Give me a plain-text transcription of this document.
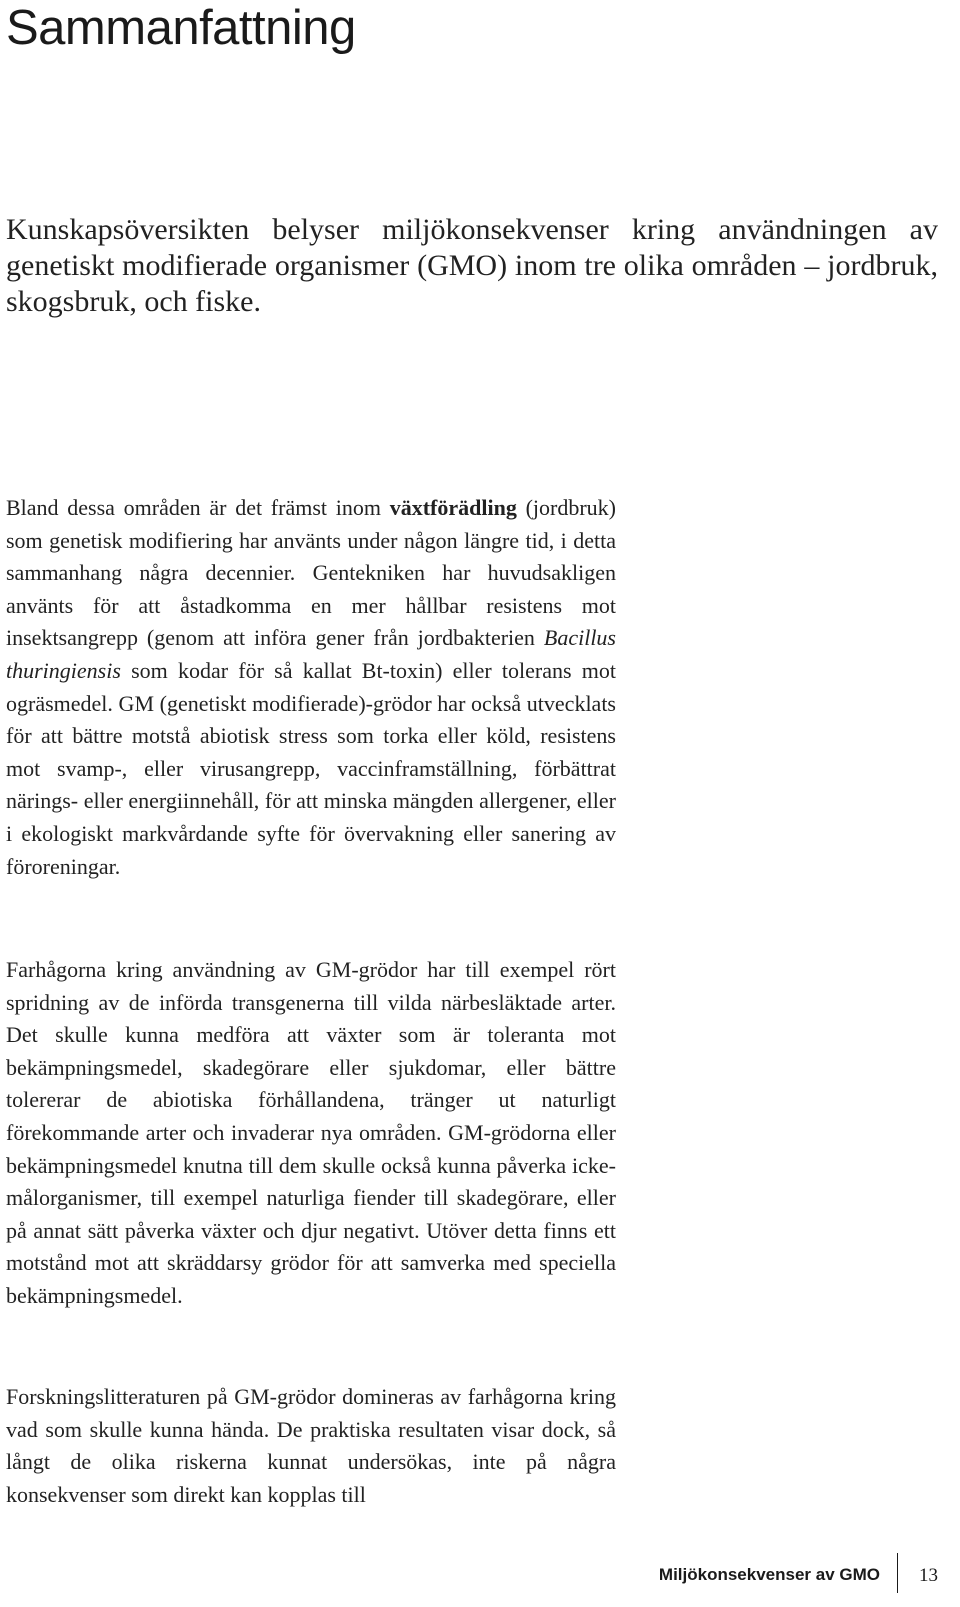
Sammanfattning

Kunskapsöversikten belyser miljökonsekvenser kring användningen av genetiskt modifierade organismer (GMO) inom tre olika områden – jordbruk, skogsbruk, och fiske.

Bland dessa områden är det främst inom växtförädling (jordbruk) som genetisk modifiering har använts under någon längre tid, i detta sammanhang några decennier. Gentekniken har huvudsakligen använts för att åstadkomma en mer hållbar resistens mot insektsangrepp (genom att införa gener från jordbakterien Bacillus thuringiensis som kodar för så kallat Bt-toxin) eller tolerans mot ogräsmedel. GM (genetiskt modifierade)-grödor har också utvecklats för att bättre motstå abiotisk stress som torka eller köld, resistens mot svamp-, eller virusangrepp, vaccinframställning, förbättrat närings- eller energiinnehåll, för att minska mängden allergener, eller i ekologiskt markvårdande syfte för övervakning eller sanering av föroreningar.

Farhågorna kring användning av GM-grödor har till exempel rört spridning av de införda transgenerna till vilda närbesläktade arter. Det skulle kunna medföra att växter som är toleranta mot bekämpningsmedel, skadegörare eller sjukdomar, eller bättre tolererar de abiotiska förhållandena, tränger ut naturligt förekommande arter och invaderar nya områden. GM-grödorna eller bekämpningsmedel knutna till dem skulle också kunna påverka icke-målorganismer, till exempel naturliga fiender till skadegörare, eller på annat sätt påverka växter och djur negativt. Utöver detta finns ett motstånd mot att skräddarsy grödor för att samverka med speciella bekämpningsmedel.

Forskningslitteraturen på GM-grödor domineras av farhågorna kring vad som skulle kunna hända. De praktiska resultaten visar dock, så långt de olika riskerna kunnat undersökas, inte på några konsekvenser som direkt kan kopplas till

Miljökonsekvenser av GMO 13
